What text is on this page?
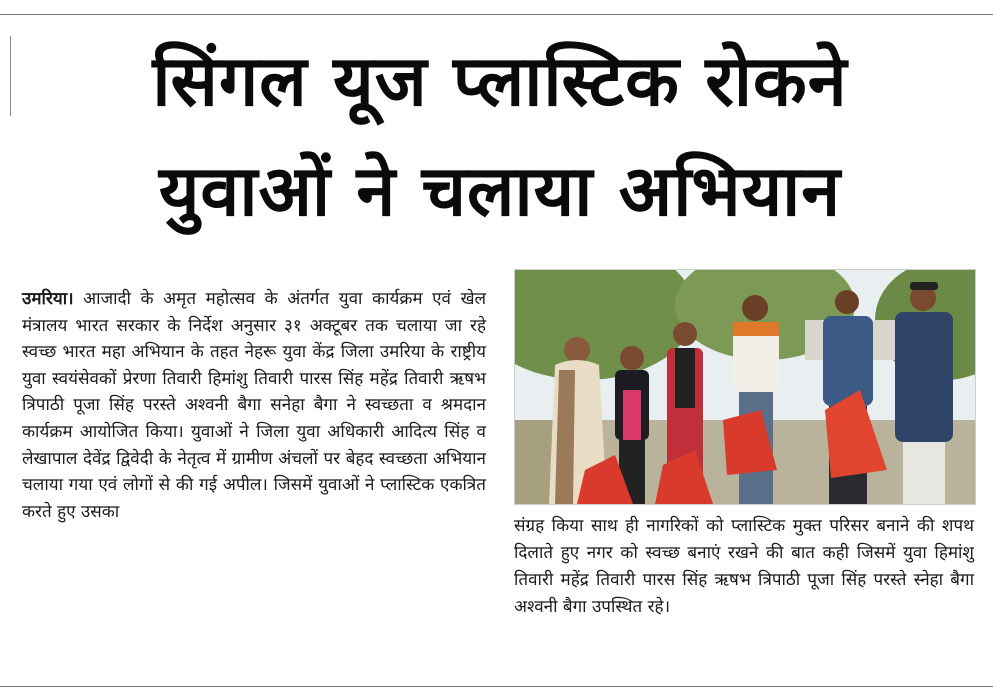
सिंगल यूज प्लास्टिक रोकने
युवाओं ने चलाया अभियान
उमरिया। आजादी के अमृत महोत्सव के अंतर्गत युवा कार्यक्रम एवं खेल मंत्रालय भारत सरकार के निर्देश अनुसार ३१ अक्टूबर तक चलाया जा रहे स्वच्छ भारत महा अभियान के तहत नेहरू युवा केंद्र जिला उमरिया के राष्ट्रीय युवा स्वयंसेवकों प्रेरणा तिवारी हिमांशु तिवारी पारस सिंह महेंद्र तिवारी ऋषभ त्रिपाठी पूजा सिंह परस्ते अश्वनी बैगा सनेहा बैगा ने स्वच्छता व श्रमदान कार्यक्रम आयोजित किया। युवाओं ने जिला युवा अधिकारी आदित्य सिंह व लेखापाल देवेंद्र द्विवेदी के नेतृत्व में ग्रामीण अंचलों पर बेहद स्वच्छता अभियान चलाया गया एवं लोगों से की गई अपील। जिसमें युवाओं ने प्लास्टिक एकत्रित करते हुए उसका
संग्रह किया साथ ही नागरिकों को प्लास्टिक मुक्त परिसर बनाने की शपथ दिलाते हुए नगर को स्वच्छ बनाएं रखने की बात कही जिसमें युवा हिमांशु तिवारी महेंद्र तिवारी पारस सिंह ऋषभ त्रिपाठी पूजा सिंह परस्ते स्नेहा बैगा अश्वनी बैगा उपस्थित रहे।
